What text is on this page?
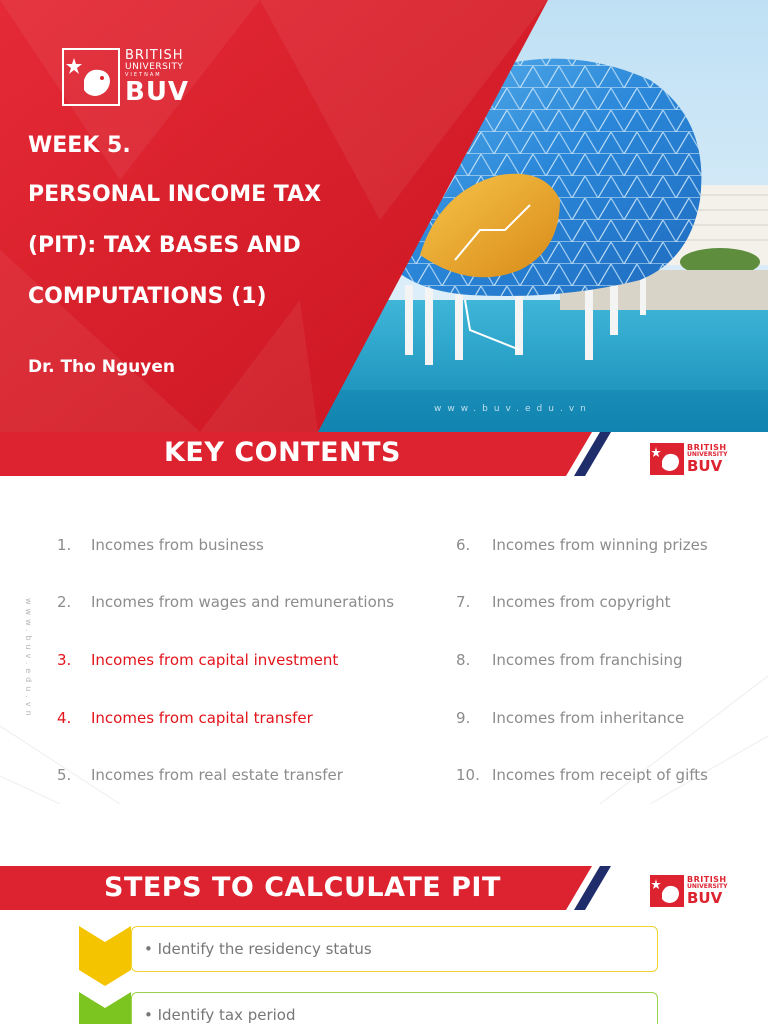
BRITISH
UNIVERSITY
VIETNAM
BUV
WEEK 5.
PERSONAL INCOME TAX
(PIT): TAX BASES AND
COMPUTATIONS (1)
Dr. Tho Nguyen
www.buv.edu.vn
KEY CONTENTS	BRITISH
UNIVERSITY
BUV
1.	Incomes from business
2.	Incomes from wages and remunerations
3.	Incomes from capital investment
4.	Incomes from capital transfer
5.	Incomes from real estate transfer
6.	Incomes from winning prizes
7.	Incomes from copyright
8.	Incomes from franchising
9.	Incomes from inheritance
10. Incomes from receipt of gifts
www.buv.edu.vn
STEPS TO CALCULATE PIT	BRITISH
UNIVERSITY
BUV
• Identify the residency status
• Identify tax period
